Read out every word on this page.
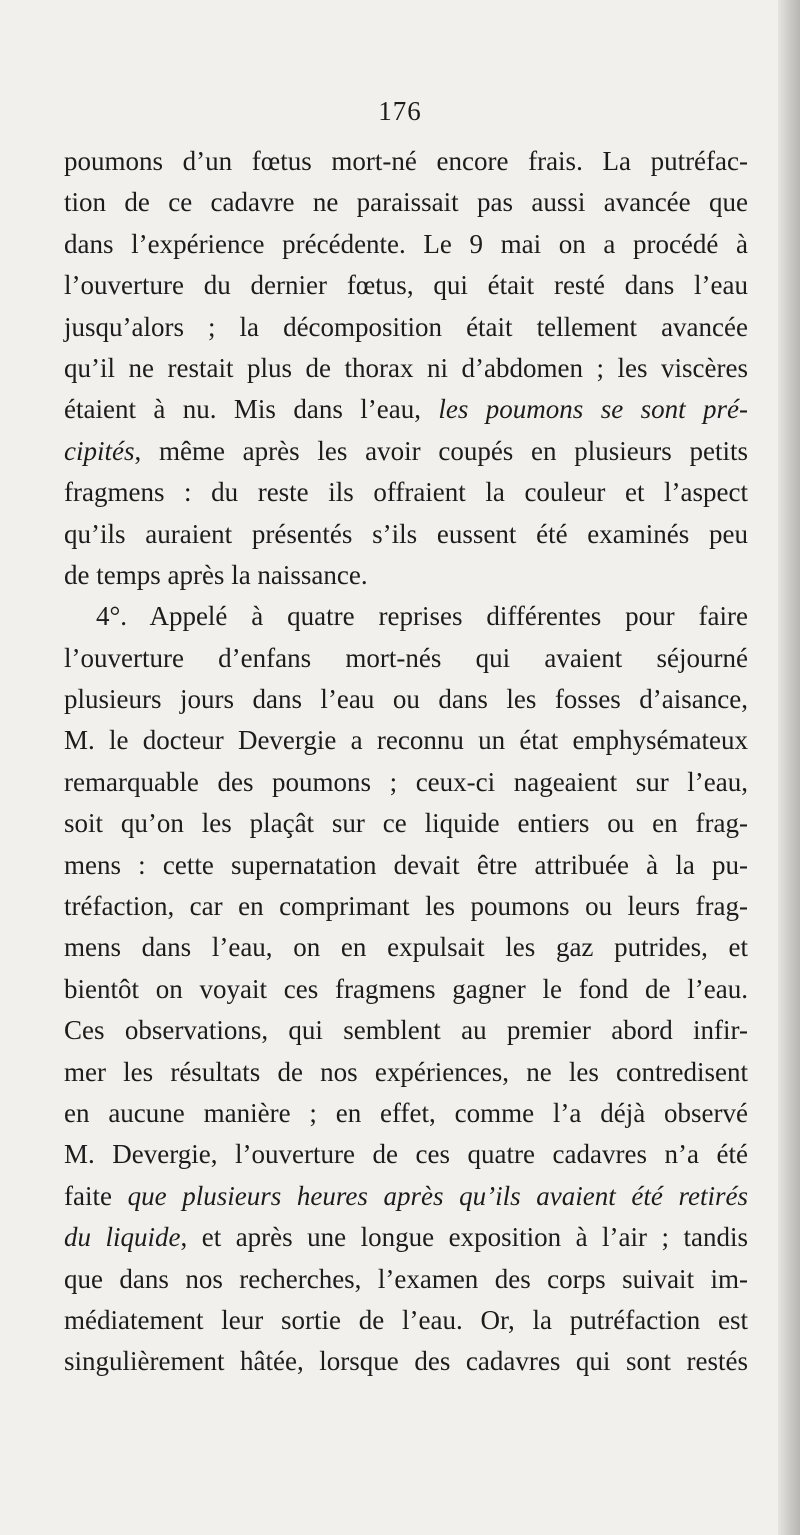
176
poumons d’un fœtus mort-né encore frais. La putréfac-
tion de ce cadavre ne paraissait pas aussi avancée que
dans l’expérience précédente. Le 9 mai on a procédé à
l’ouverture du dernier fœtus, qui était resté dans l’eau
jusqu’alors ; la décomposition était tellement avancée
qu’il ne restait plus de thorax ni d’abdomen ; les viscères
étaient à nu. Mis dans l’eau, les poumons se sont pré-
cipités, même après les avoir coupés en plusieurs petits
fragmens : du reste ils offraient la couleur et l’aspect
qu’ils auraient présentés s’ils eussent été examinés peu
de temps après la naissance.
4°. Appelé à quatre reprises différentes pour faire
l’ouverture d’enfans mort-nés qui avaient séjourné
plusieurs jours dans l’eau ou dans les fosses d’aisance,
M. le docteur Devergie a reconnu un état emphysémateux
remarquable des poumons ; ceux-ci nageaient sur l’eau,
soit qu’on les plaçât sur ce liquide entiers ou en frag-
mens : cette supernatation devait être attribuée à la pu-
tréfaction, car en comprimant les poumons ou leurs frag-
mens dans l’eau, on en expulsait les gaz putrides, et
bientôt on voyait ces fragmens gagner le fond de l’eau.
Ces observations, qui semblent au premier abord infir-
mer les résultats de nos expériences, ne les contredisent
en aucune manière ; en effet, comme l’a déjà observé
M. Devergie, l’ouverture de ces quatre cadavres n’a été
faite que plusieurs heures après qu’ils avaient été retirés
du liquide, et après une longue exposition à l’air ; tandis
que dans nos recherches, l’examen des corps suivait im-
médiatement leur sortie de l’eau. Or, la putréfaction est
singulièrement hâtée, lorsque des cadavres qui sont restés
